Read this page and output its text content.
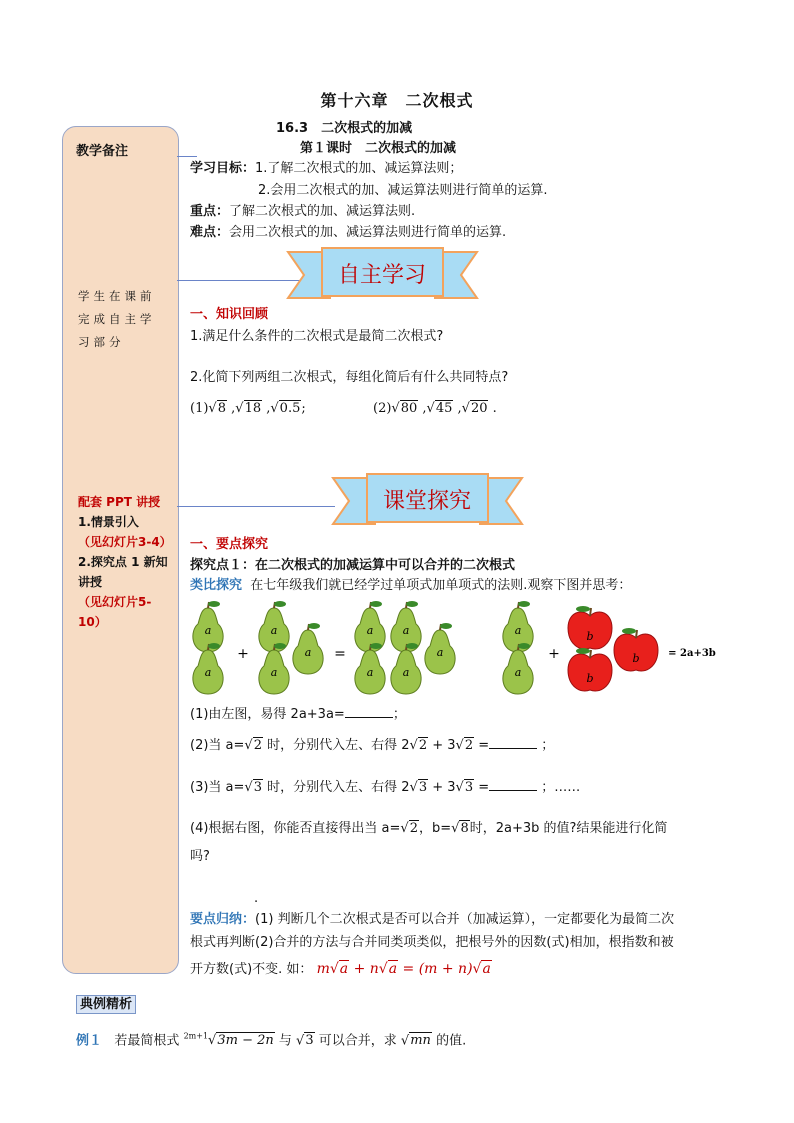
第十六章　二次根式
教学备注
学生在课前完成自主学习部分
配套 PPT 讲授
1.情景引入
（见幻灯片3-4）
2.探究点 1 新知讲授
（见幻灯片5-10）
16.3　二次根式的加减
第１课时　二次根式的加减
学习目标：1.了解二次根式的加、减运算法则；
2.会用二次根式的加、减运算法则进行简单的运算.
重点：了解二次根式的加、减运算法则.
难点：会用二次根式的加、减运算法则进行简单的运算.
自主学习
一、知识回顾
1.满足什么条件的二次根式是最简二次根式?
2.化简下列两组二次根式，每组化简后有什么共同特点?
(1)√8 ,√18 ,√0.5;	(2)√80 ,√45 ,√20 .
课堂探究
一、要点探究
探究点１：在二次根式的加减运算中可以合并的二次根式
类比探究 在七年级我们就已经学过单项式加单项式的法则.观察下图并思考：
a
a
+
a
a
a =
a
a
a
a
a
a
a
+
b
b
b	= 2a+3b
(1)由左图，易得 2a+3a=	；
(2)当 a=√2 时，分别代入左、右得 2√2 + 3√2 =	；
(3)当 a=√3 时，分别代入左、右得 2√3 + 3√3 =	；……
(4)根据右图，你能否直接得出当 a=√2，b=√8时，2a+3b 的值?结果能进行化简
吗?
.
要点归纳：(1) 判断几个二次根式是否可以合并（加减运算），一定都要化为最简二次
根式再判断(2)合并的方法与合并同类项类似，把根号外的因数(式)相加，根指数和被
开方数(式)不变. 如： m√a + n√a = (m + n)√a
典例精析
例１ 若最简根式 $^{2m+1}$√3m − 2n 与 √3 可以合并，求 √mn 的值.
